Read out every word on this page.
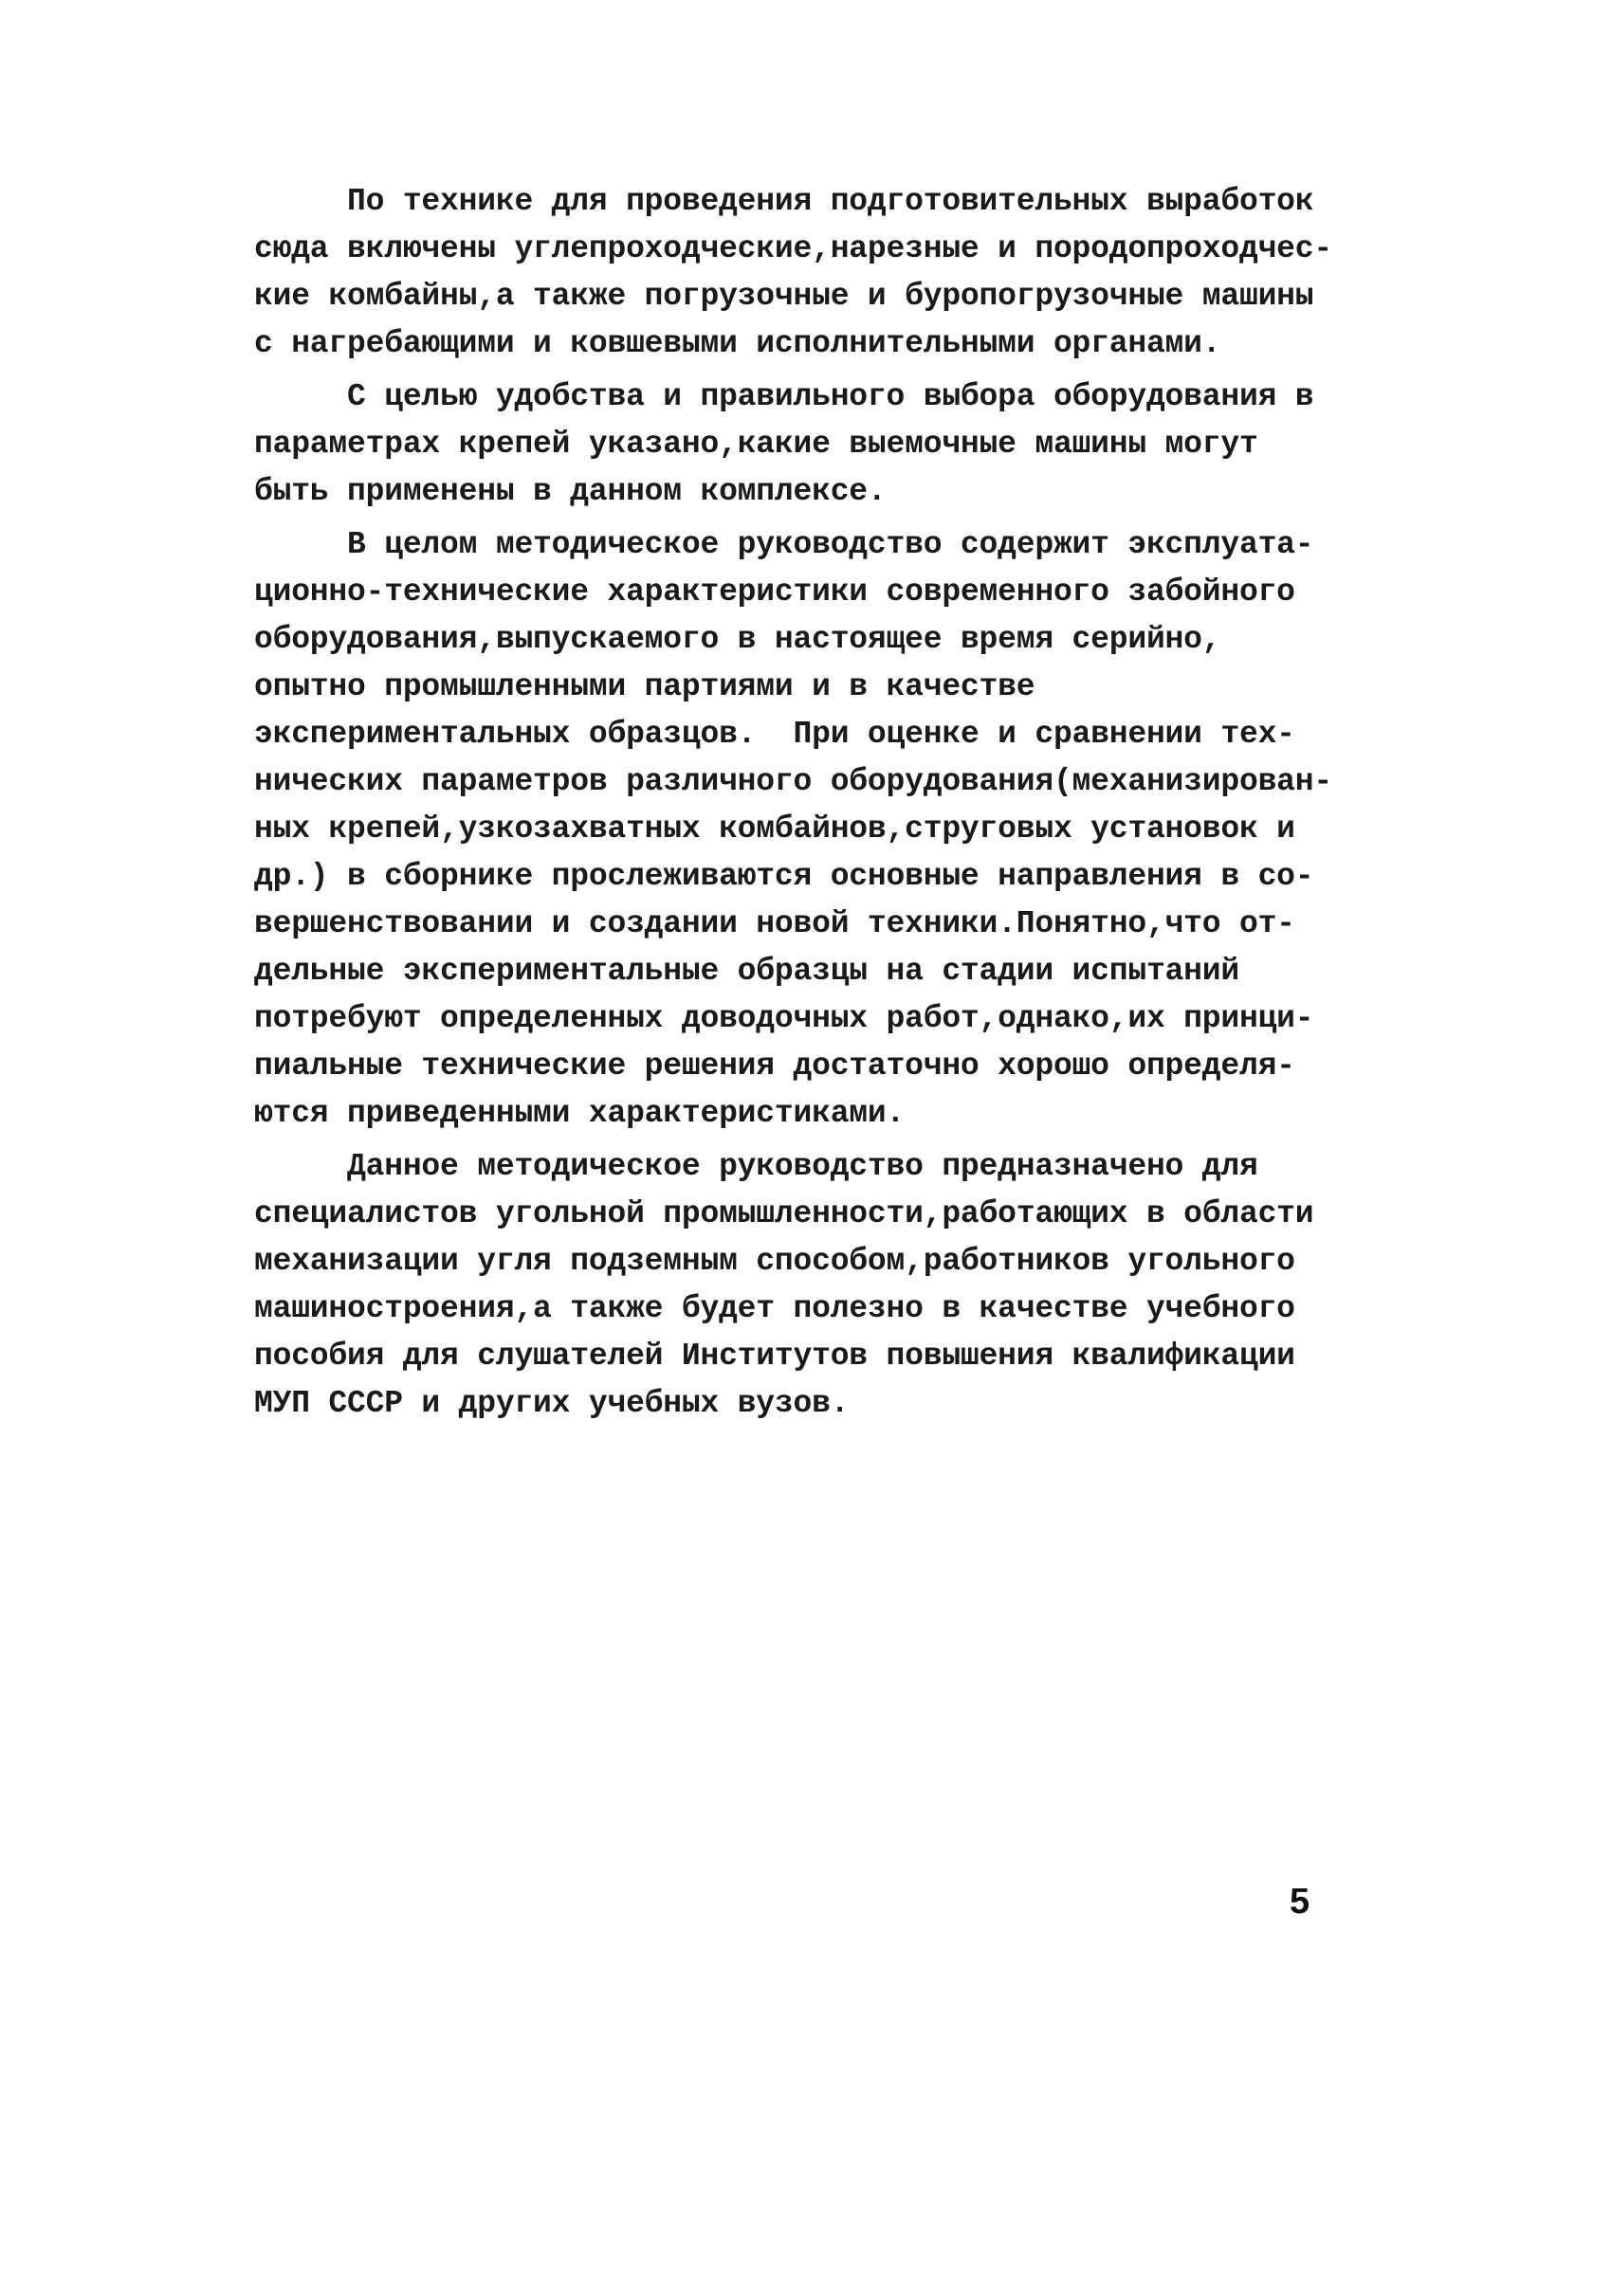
По технике для проведения подготовительных выработок
сюда включены углепроходческие,нарезные и породопроходчес-
кие комбайны,а также погрузочные и буропогрузочные машины
с нагребающими и ковшевыми исполнительными органами.
С целью удобства и правильного выбора оборудования в
параметрах крепей указано,какие выемочные машины могут
быть применены в данном комплексе.
В целом методическое руководство содержит эксплуата-
ционно-технические характеристики современного забойного
оборудования,выпускаемого в настоящее время серийно,
опытно промышленными партиями и в качестве
экспериментальных образцов.  При оценке и сравнении тех-
нических параметров различного оборудования(механизирован-
ных крепей,узкозахватных комбайнов,струговых установок и
др.) в сборнике прослеживаются основные направления в со-
вершенствовании и создании новой техники.Понятно,что от-
дельные экспериментальные образцы на стадии испытаний
потребуют определенных доводочных работ,однако,их принци-
пиальные технические решения достаточно хорошо определя-
ются приведенными характеристиками.
Данное методическое руководство предназначено для
специалистов угольной промышленности,работающих в области
механизации угля подземным способом,работников угольного
машиностроения,а также будет полезно в качестве учебного
пособия для слушателей Институтов повышения квалификации
МУП СССР и других учебных вузов.
5
